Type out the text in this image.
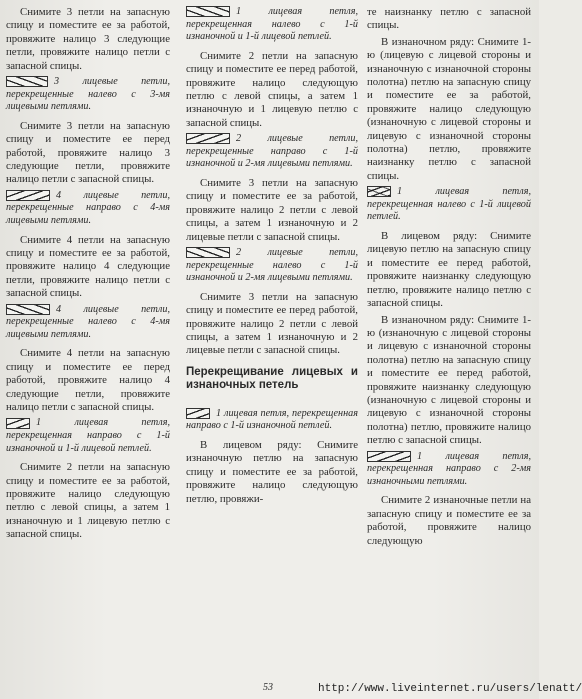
Снимите 3 петли на запасную спицу и поместите ее за работой, провяжите налицо 3 следующие петли, провяжите налицо петли с запасной спицы.

3 лицевые петли, перекрещенные налево с 3-мя лицевыми петлями.

Снимите 3 петли на запасную спицу и поместите ее перед работой, провяжите налицо 3 следующие петли, провяжите налицо петли с запасной спицы.

4 лицевые петли, перекрещенные направо с 4-мя лицевыми петлями.

Снимите 4 петли на запасную спицу и поместите ее за работой, провяжите налицо 4 следующие петли, провяжите налицо петли с запасной спицы.

4 лицевые петли, перекрещенные налево с 4-мя лицевыми петлями.

Снимите 4 петли на запасную спицу и поместите ее перед работой, провяжите налицо 4 следующие петли, провяжите налицо петли с запасной спицы.

1 лицевая петля, перекрещенная направо с 1-й изнаночной и 1-й лицевой петлей.

Снимите 2 петли на запасную спицу и поместите ее за работой, провяжите налицо следующую петлю с левой спицы, а затем 1 изнаночную и 1 лицевую петлю с запасной спицы.

1 лицевая петля, перекрещенная налево с 1-й изнаночной и 1-й лицевой петлей.

Снимите 2 петли на запасную спицу и поместите ее перед работой, провяжите налицо следующую петлю с левой спицы, а затем 1 изнаночную и 1 лицевую петлю с запасной спицы.

2 лицевые петли, перекрещенные направо с 1-й изнаночной и 2-мя лицевыми петлями.

Снимите 3 петли на запасную спицу и поместите ее за работой, провяжите налицо 2 петли с левой спицы, а затем 1 изнаночную и 2 лицевые петли с запасной спицы.

2 лицевые петли, перекрещенные налево с 1-й изнаночной и 2-мя лицевыми петлями.

Снимите 3 петли на запасную спицу и поместите ее перед работой, провяжите налицо 2 петли с левой спицы, а затем 1 изнаночную и 2 лицевые петли с запасной спицы.

Перекрещивание лицевых и изнаночных петель
1 лицевая петля, перекрещенная направо с 1-й изнаночной петлей.

В лицевом ряду: Снимите изнаночную петлю на запасную спицу и поместите ее за работой, провяжите налицо следующую петлю, провяжи-

те наизнанку петлю с запасной спицы.

В изнаночном ряду: Снимите 1-ю (лицевую с лицевой стороны и изнаночную с изнаночной стороны полотна) петлю на запасную спицу и поместите ее за работой, провяжите налицо следующую (изнаночную с лицевой стороны и лицевую с изнаночной стороны полотна) петлю, провяжите наизнанку петлю с запасной спицы.

1 лицевая петля, перекрещенная налево с 1-й лицевой петлей.

В лицевом ряду: Снимите лицевую петлю на запасную спицу и поместите ее перед работой, провяжите наизнанку следующую петлю, провяжите налицо петлю с запасной спицы.

В изнаночном ряду: Снимите 1-ю (изнаночную с лицевой стороны и лицевую с изнаночной стороны полотна) петлю на запасную спицу и поместите ее перед работой, провяжите наизнанку следующую (изнаночную с лицевой стороны и лицевую с изнаночной стороны полотна) петлю, провяжите налицо петлю с запасной спицы.

1 лицевая петля, перекрещенная направо с 2-мя изнаночными петлями.

Снимите 2 изнаночные петли на запасную спицу и поместите ее за работой, провяжите налицо следующую

53	http://www.liveinternet.ru/users/lenatt/
